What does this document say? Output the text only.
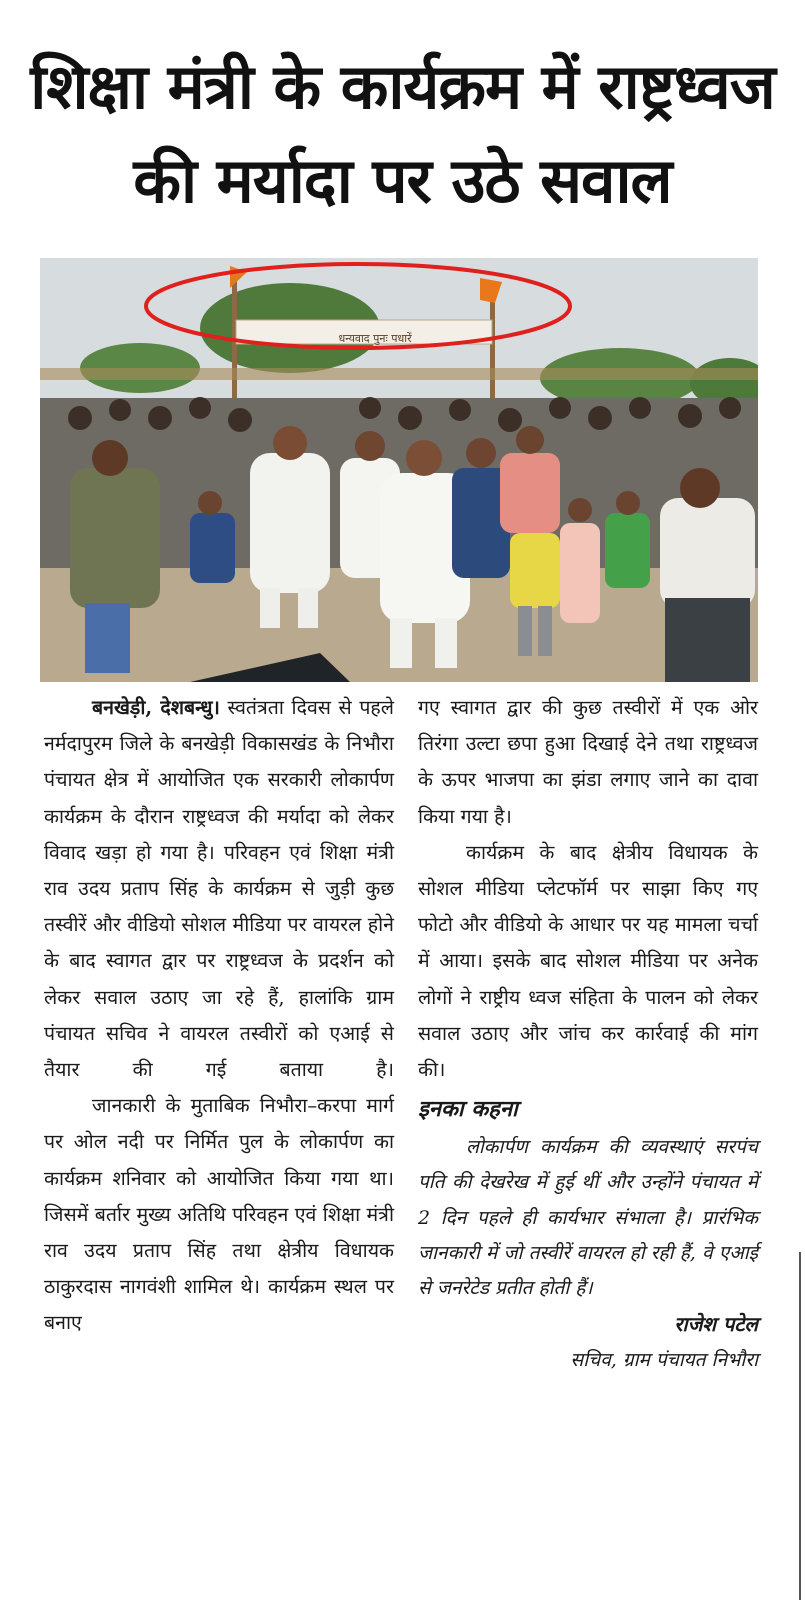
शिक्षा मंत्री के कार्यक्रम में राष्ट्रध्वज
की मर्यादा पर उठे सवाल
धन्यवाद पुनः पधारें

बनखेड़ी, देशबन्धु। स्वतंत्रता दिवस से पहले नर्मदापुरम जिले के बनखेड़ी विकासखंड के निभौरा पंचायत क्षेत्र में आयोजित एक सरकारी लोकार्पण कार्यक्रम के दौरान राष्ट्रध्वज की मर्यादा को लेकर विवाद खड़ा हो गया है। परिवहन एवं शिक्षा मंत्री राव उदय प्रताप सिंह के कार्यक्रम से जुड़ी कुछ तस्वीरें और वीडियो सोशल मीडिया पर वायरल होने के बाद स्वागत द्वार पर राष्ट्रध्वज के प्रदर्शन को लेकर सवाल उठाए जा रहे हैं, हालांकि ग्राम पंचायत सचिव ने वायरल तस्वीरों को एआई से तैयार की गई बताया है।

जानकारी के मुताबिक निभौरा–करपा मार्ग पर ओल नदी पर निर्मित पुल के लोकार्पण का कार्यक्रम शनिवार को आयोजित किया गया था। जिसमें बर्तार मुख्य अतिथि परिवहन एवं शिक्षा मंत्री राव उदय प्रताप सिंह तथा क्षेत्रीय विधायक ठाकुरदास नागवंशी शामिल थे। कार्यक्रम स्थल पर बनाए

गए स्वागत द्वार की कुछ तस्वीरों में एक ओर तिरंगा उल्टा छपा हुआ दिखाई देने तथा राष्ट्रध्वज के ऊपर भाजपा का झंडा लगाए जाने का दावा किया गया है।

कार्यक्रम के बाद क्षेत्रीय विधायक के सोशल मीडिया प्लेटफॉर्म पर साझा किए गए फोटो और वीडियो के आधार पर यह मामला चर्चा में आया। इसके बाद सोशल मीडिया पर अनेक लोगों ने राष्ट्रीय ध्वज संहिता के पालन को लेकर सवाल उठाए और जांच कर कार्रवाई की मांग की।

इनका कहना

लोकार्पण कार्यक्रम की व्यवस्थाएं सरपंच पति की देखरेख में हुई थीं और उन्होंने पंचायत में 2 दिन पहले ही कार्यभार संभाला है। प्रारंभिक जानकारी में जो तस्वीरें वायरल हो रही हैं, वे एआई से जनरेटेड प्रतीत होती हैं।

राजेश पटेल
सचिव, ग्राम पंचायत निभौरा
